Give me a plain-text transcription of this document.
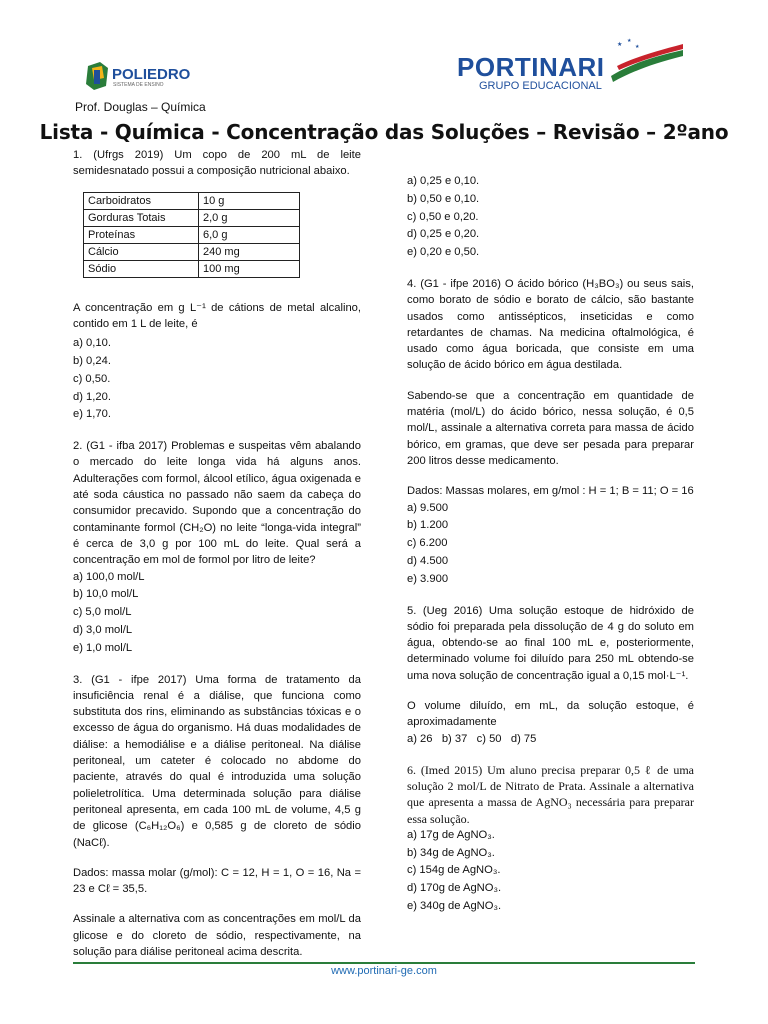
POLIEDRO
SISTEMA DE ENSINO
PORTINARI
GRUPO EDUCACIONAL
★
★
★
Prof. Douglas – Química
Lista - Química - Concentração das Soluções – Revisão – 2ºano
1. (Ufrgs 2019) Um copo de 200 mL de leite semidesnatado possui a composição nutricional abaixo.
Carboidratos	10 g
Gorduras Totais	2,0 g
Proteínas	6,0 g
Cálcio	240 mg
Sódio	100 mg
A concentração em g L⁻¹ de cátions de metal alcalino, contido em 1 L de leite, é
a) 0,10.
b) 0,24.
c) 0,50.
d) 1,20.
e) 1,70.
2. (G1 - ifba 2017) Problemas e suspeitas vêm abalando o mercado do leite longa vida há alguns anos. Adulterações com formol, álcool etílico, água oxigenada e até soda cáustica no passado não saem da cabeça do consumidor precavido. Supondo que a concentração do contaminante formol (CH₂O) no leite “longa-vida integral” é cerca de 3,0 g por 100 mL do leite. Qual será a concentração em mol de formol por litro de leite?
a) 100,0 mol/L
b) 10,0 mol/L
c) 5,0 mol/L
d) 3,0 mol/L
e) 1,0 mol/L
3. (G1 - ifpe 2017) Uma forma de tratamento da insuficiência renal é a diálise, que funciona como substituta dos rins, eliminando as substâncias tóxicas e o excesso de água do organismo. Há duas modalidades de diálise: a hemodiálise e a diálise peritoneal. Na diálise peritoneal, um cateter é colocado no abdome do paciente, através do qual é introduzida uma solução polieletrolítica. Uma determinada solução para diálise peritoneal apresenta, em cada 100 mL de volume, 4,5 g de glicose (C₆H₁₂O₆) e 0,585 g de cloreto de sódio (NaCℓ).
Dados: massa molar (g/mol): C = 12, H = 1, O = 16, Na = 23 e Cℓ = 35,5.
Assinale a alternativa com as concentrações em mol/L da glicose e do cloreto de sódio, respectivamente, na solução para diálise peritoneal acima descrita.
a) 0,25 e 0,10.
b) 0,50 e 0,10.
c) 0,50 e 0,20.
d) 0,25 e 0,20.
e) 0,20 e 0,50.
4. (G1 - ifpe 2016) O ácido bórico (H₃BO₃) ou seus sais, como borato de sódio e borato de cálcio, são bastante usados como antissépticos, inseticidas e como retardantes de chamas. Na medicina oftalmológica, é usado como água boricada, que consiste em uma solução de ácido bórico em água destilada.
Sabendo-se que a concentração em quantidade de matéria (mol/L) do ácido bórico, nessa solução, é 0,5 mol/L, assinale a alternativa correta para massa de ácido bórico, em gramas, que deve ser pesada para preparar 200 litros desse medicamento.
Dados: Massas molares, em g/mol : H = 1; B = 11; O = 16
a) 9.500
b) 1.200
c) 6.200
d) 4.500
e) 3.900
5. (Ueg 2016) Uma solução estoque de hidróxido de sódio foi preparada pela dissolução de 4 g do soluto em água, obtendo-se ao final 100 mL e, posteriormente, determinado volume foi diluído para 250 mL obtendo-se uma nova solução de concentração igual a 0,15 mol·L⁻¹.
O volume diluído, em mL, da solução estoque, é aproximadamente
a) 26   b) 37   c) 50   d) 75
6. (Imed 2015) Um aluno precisa preparar 0,5 ℓ de uma solução 2 mol/L de Nitrato de Prata. Assinale a alternativa que apresenta a massa de AgNO₃ necessária para preparar essa solução.
a) 17g de AgNO₃.
b) 34g de AgNO₃.
c) 154g de AgNO₃.
d) 170g de AgNO₃.
e) 340g de AgNO₃.
www.portinari-ge.com
